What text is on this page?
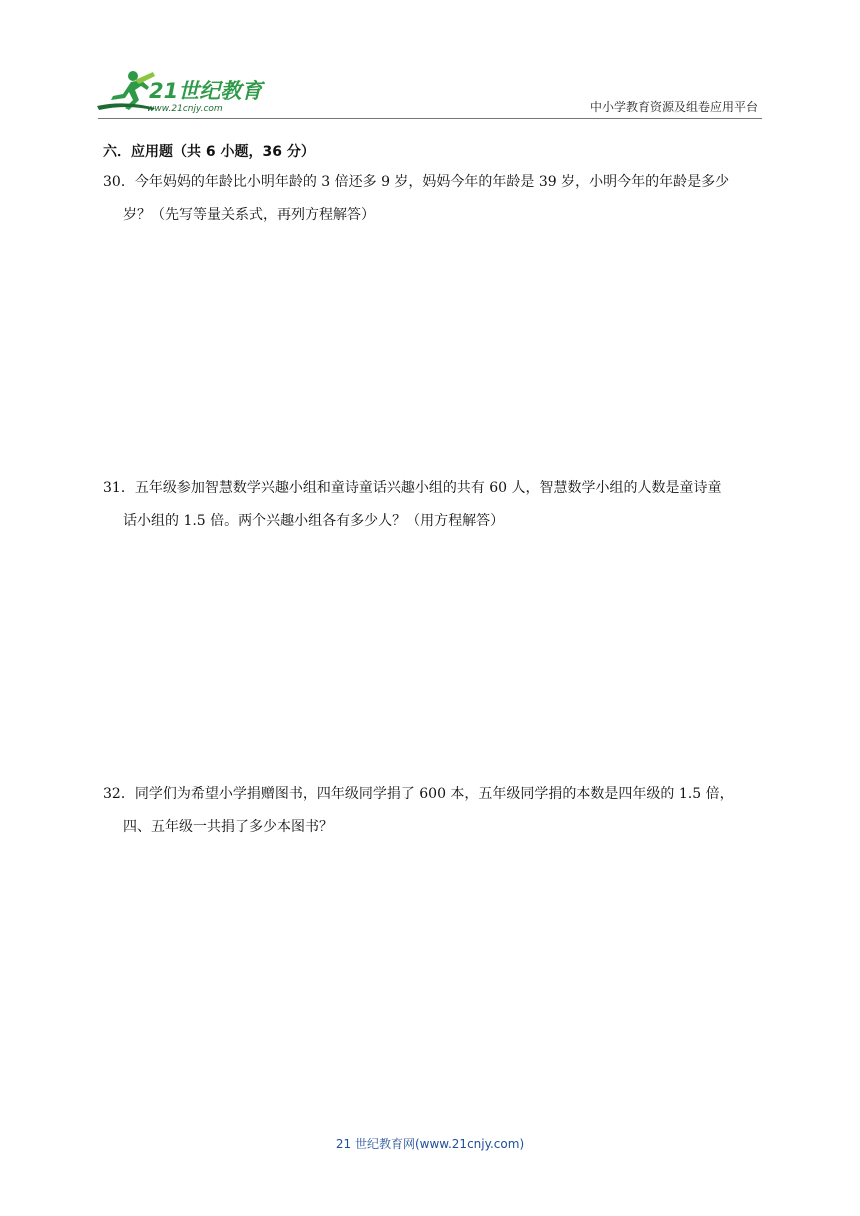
21世纪教育
www.21cnjy.com	中小学教育资源及组卷应用平台
六．应用题（共 6 小题，36 分）
30．今年妈妈的年龄比小明年龄的 3 倍还多 9 岁，妈妈今年的年龄是 39 岁，小明今年的年龄是多少
岁？（先写等量关系式，再列方程解答）
31．五年级参加智慧数学兴趣小组和童诗童话兴趣小组的共有 60 人，智慧数学小组的人数是童诗童
话小组的 1.5 倍。两个兴趣小组各有多少人？（用方程解答）
32．同学们为希望小学捐赠图书，四年级同学捐了 600 本，五年级同学捐的本数是四年级的 1.5 倍，
四、五年级一共捐了多少本图书？
21 世纪教育网(www.21cnjy.com)
